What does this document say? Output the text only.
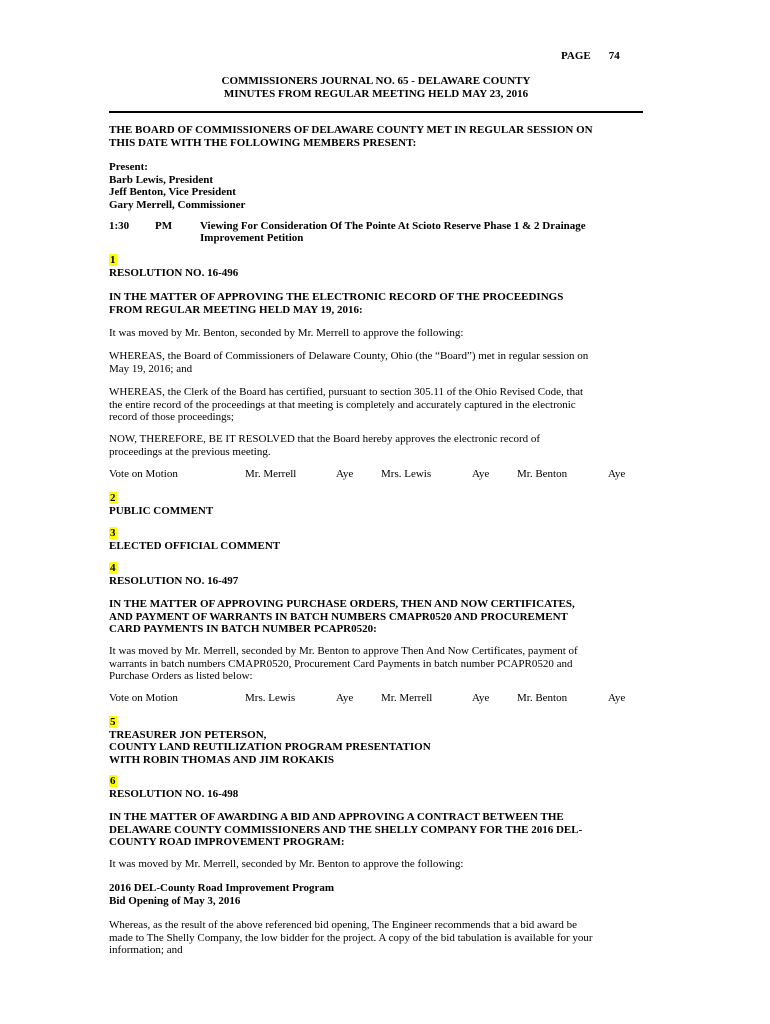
PAGE 74
COMMISSIONERS JOURNAL NO. 65 - DELAWARE COUNTY
MINUTES FROM REGULAR MEETING HELD MAY 23, 2016
THE BOARD OF COMMISSIONERS OF DELAWARE COUNTY MET IN REGULAR SESSION ON
THIS DATE WITH THE FOLLOWING MEMBERS PRESENT:
Present:
Barb Lewis, President
Jeff Benton, Vice President
Gary Merrell, Commissioner
1:30 PM	Viewing For Consideration Of The Pointe At Scioto Reserve Phase 1 & 2 Drainage
Improvement Petition
1
RESOLUTION NO. 16-496
IN THE MATTER OF APPROVING THE ELECTRONIC RECORD OF THE PROCEEDINGS
FROM REGULAR MEETING HELD MAY 19, 2016:
It was moved by Mr. Benton, seconded by Mr. Merrell to approve the following:
WHEREAS, the Board of Commissioners of Delaware County, Ohio (the “Board”) met in regular session on
May 19, 2016; and
WHEREAS, the Clerk of the Board has certified, pursuant to section 305.11 of the Ohio Revised Code, that
the entire record of the proceedings at that meeting is completely and accurately captured in the electronic
record of those proceedings;
NOW, THEREFORE, BE IT RESOLVED that the Board hereby approves the electronic record of
proceedings at the previous meeting.
Vote on Motion	Mr. Merrell	Aye	Mrs. Lewis	Aye	Mr. Benton	Aye
2
PUBLIC COMMENT
3
ELECTED OFFICIAL COMMENT
4
RESOLUTION NO. 16-497
IN THE MATTER OF APPROVING PURCHASE ORDERS, THEN AND NOW CERTIFICATES,
AND PAYMENT OF WARRANTS IN BATCH NUMBERS CMAPR0520 AND PROCUREMENT
CARD PAYMENTS IN BATCH NUMBER PCAPR0520:
It was moved by Mr. Merrell, seconded by Mr. Benton to approve Then And Now Certificates, payment of
warrants in batch numbers CMAPR0520, Procurement Card Payments in batch number PCAPR0520 and
Purchase Orders as listed below:
Vote on Motion	Mrs. Lewis	Aye	Mr. Merrell	Aye	Mr. Benton	Aye
5
TREASURER JON PETERSON,
COUNTY LAND REUTILIZATION PROGRAM PRESENTATION
WITH ROBIN THOMAS AND JIM ROKAKIS
6
RESOLUTION NO. 16-498
IN THE MATTER OF AWARDING A BID AND APPROVING A CONTRACT BETWEEN THE
DELAWARE COUNTY COMMISSIONERS AND THE SHELLY COMPANY FOR THE 2016 DEL-
COUNTY ROAD IMPROVEMENT PROGRAM:
It was moved by Mr. Merrell, seconded by Mr. Benton to approve the following:
2016 DEL-County Road Improvement Program
Bid Opening of May 3, 2016
Whereas, as the result of the above referenced bid opening, The Engineer recommends that a bid award be
made to The Shelly Company, the low bidder for the project. A copy of the bid tabulation is available for your
information; and
